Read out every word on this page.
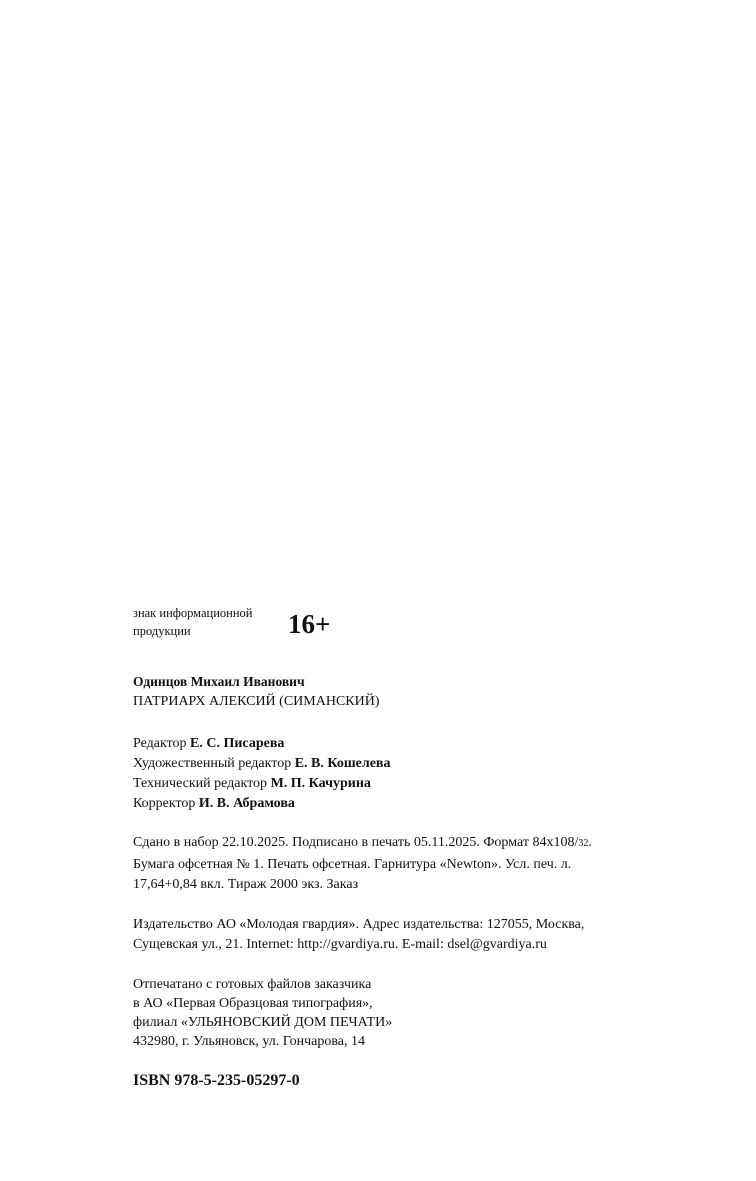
знак информационной
продукции	16+
Одинцов Михаил Иванович
ПАТРИАРХ АЛЕКСИЙ (СИМАНСКИЙ)
Редактор Е. С. Писарева
Художественный редактор Е. В. Кошелева
Технический редактор М. П. Качурина
Корректор И. В. Абрамова
Сдано в набор 22.10.2025. Подписано в печать 05.11.2025. Формат 84x108/32.
Бумага офсетная № 1. Печать офсетная. Гарнитура «Newton». Усл. печ. л.
17,64+0,84 вкл. Тираж 2000 экз. Заказ
Издательство АО «Молодая гвардия». Адрес издательства: 127055, Москва,
Сущевская ул., 21. Internet: http://gvardiya.ru. E-mail: dsel@gvardiya.ru
Отпечатано с готовых файлов заказчика
в АО «Первая Образцовая типография»,
филиал «УЛЬЯНОВСКИЙ ДОМ ПЕЧАТИ»
432980, г. Ульяновск, ул. Гончарова, 14
ISBN 978-5-235-05297-0
